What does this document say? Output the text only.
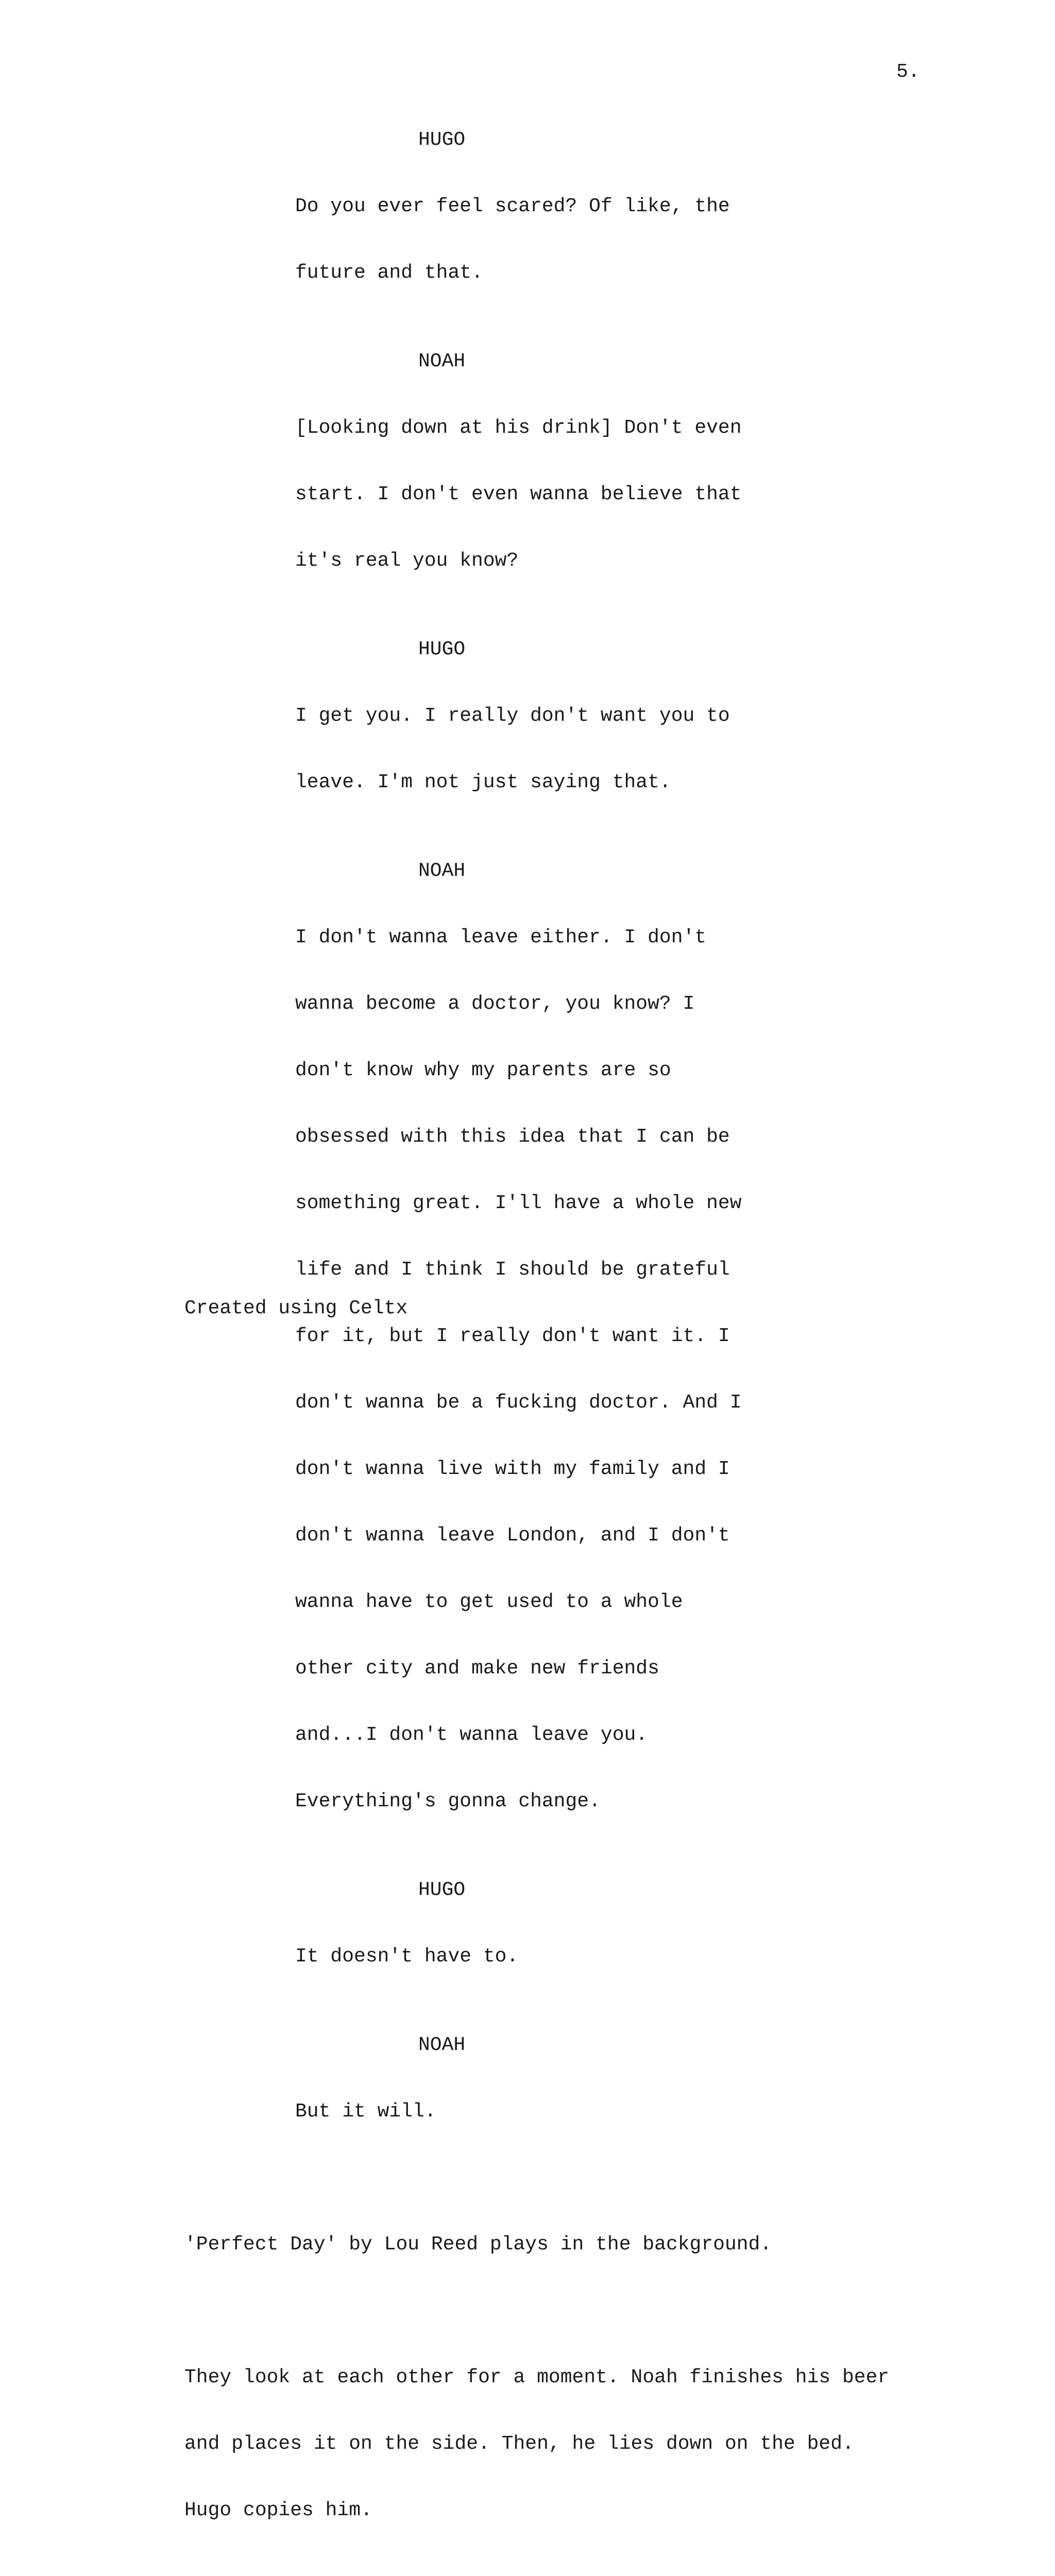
5.
HUGO

Do you ever feel scared? Of like, the

future and that.

NOAH

[Looking down at his drink] Don't even

start. I don't even wanna believe that

it's real you know?

HUGO

I get you. I really don't want you to

leave. I'm not just saying that.

NOAH

I don't wanna leave either. I don't

wanna become a doctor, you know? I

don't know why my parents are so

obsessed with this idea that I can be

something great. I'll have a whole new

life and I think I should be grateful

for it, but I really don't want it. I

don't wanna be a fucking doctor. And I

don't wanna live with my family and I

don't wanna leave London, and I don't

wanna have to get used to a whole

other city and make new friends

and...I don't wanna leave you.

Everything's gonna change.

HUGO

It doesn't have to.

NOAH

But it will.

'Perfect Day' by Lou Reed plays in the background.

They look at each other for a moment. Noah finishes his beer

and places it on the side. Then, he lies down on the bed.

Hugo copies him.

Created using Celtx
